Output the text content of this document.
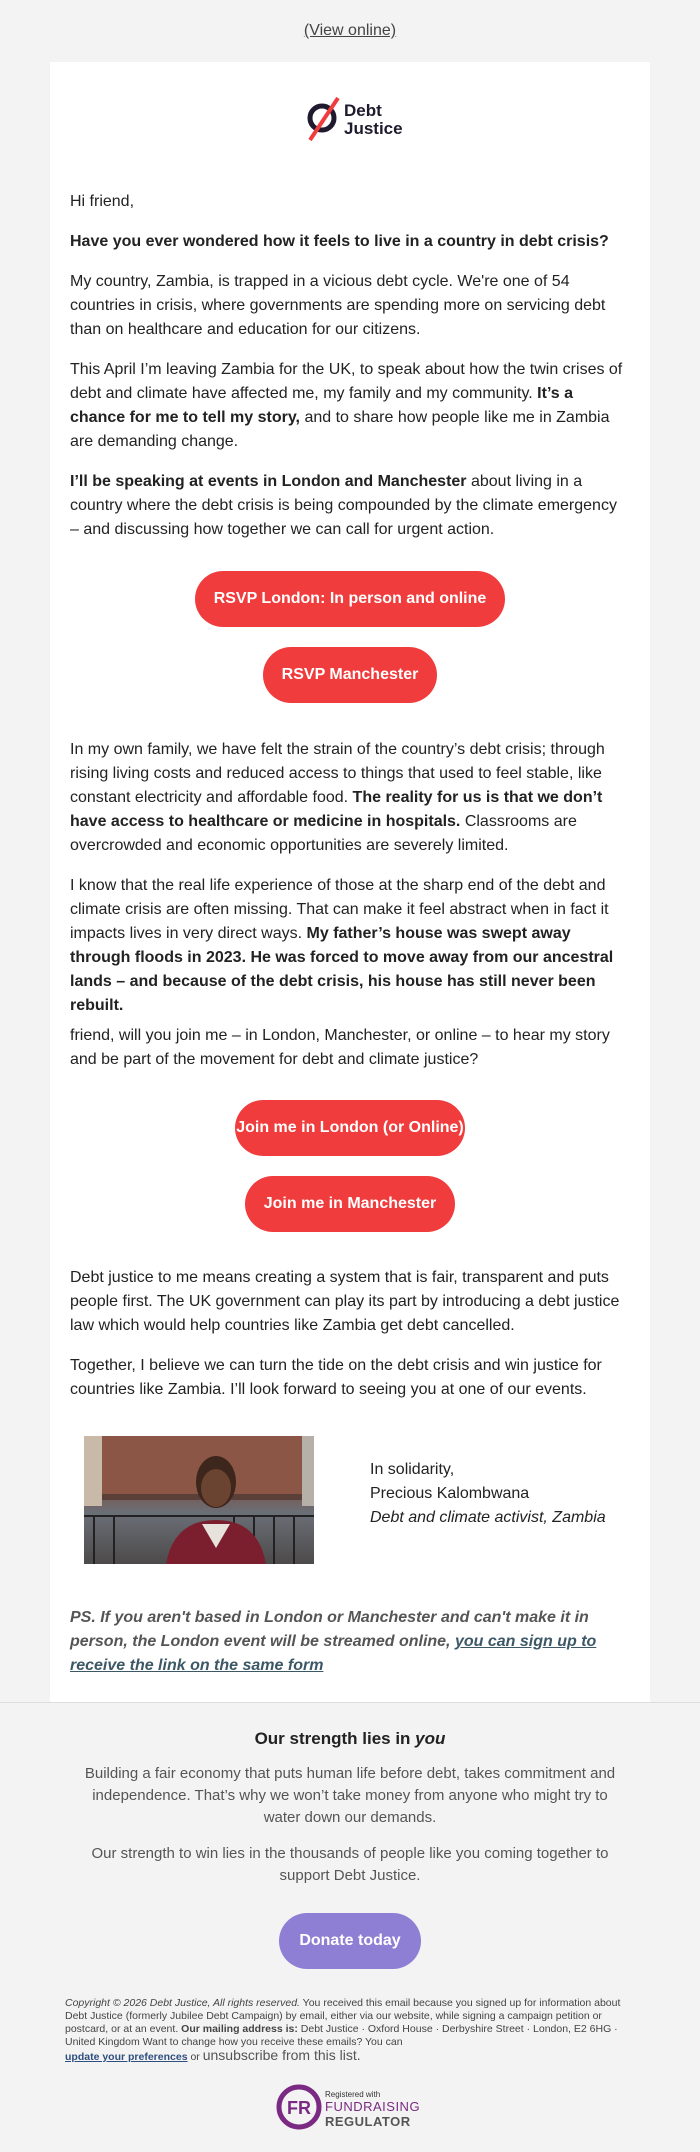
(View online)
Debt
Justice

Hi friend,

Have you ever wondered how it feels to live in a country in debt crisis?

My country, Zambia, is trapped in a vicious debt cycle. We're one of 54 countries in crisis, where governments are spending more on servicing debt than on healthcare and education for our citizens.

This April I’m leaving Zambia for the UK, to speak about how the twin crises of debt and climate have affected me, my family and my community. It’s a chance for me to tell my story, and to share how people like me in Zambia are demanding change.

I’ll be speaking at events in London and Manchester about living in a country where the debt crisis is being compounded by the climate emergency – and discussing how together we can call for urgent action.

RSVP London: In person and online
RSVP Manchester

In my own family, we have felt the strain of the country’s debt crisis; through rising living costs and reduced access to things that used to feel stable, like constant electricity and affordable food. The reality for us is that we don’t have access to healthcare or medicine in hospitals. Classrooms are overcrowded and economic opportunities are severely limited.

I know that the real life experience of those at the sharp end of the debt and climate crisis are often missing. That can make it feel abstract when in fact it impacts lives in very direct ways. My father’s house was swept away through floods in 2023. He was forced to move away from our ancestral lands – and because of the debt crisis, his house has still never been rebuilt.

friend, will you join me – in London, Manchester, or online – to hear my story and be part of the movement for debt and climate justice?

Join me in London (or Online)
Join me in Manchester

Debt justice to me means creating a system that is fair, transparent and puts people first. The UK government can play its part by introducing a debt justice law which would help countries like Zambia get debt cancelled.

Together, I believe we can turn the tide on the debt crisis and win justice for countries like Zambia. I’ll look forward to seeing you at one of our events.

In solidarity,
Precious Kalombwana
Debt and climate activist, Zambia
PS. If you aren't based in London or Manchester and can't make it in person, the London event will be streamed online, you can sign up to receive the link on the same form
Our strength lies in you

Building a fair economy that puts human life before debt, takes commitment and independence. That’s why we won’t take money from anyone who might try to water down our demands.

Our strength to win lies in the thousands of people like you coming together to support Debt Justice.

Donate today
Copyright © 2026 Debt Justice, All rights reserved. You received this email because you signed up for information about Debt Justice (formerly Jubilee Debt Campaign) by email, either via our website, while signing a campaign petition or postcard, or at an event. Our mailing address is: Debt Justice · Oxford House · Derbyshire Street · London, E2 6HG · United Kingdom Want to change how you receive these emails? You can
update your preferences or unsubscribe from this list.
FR
Registered with
FUNDRAISING
REGULATOR
